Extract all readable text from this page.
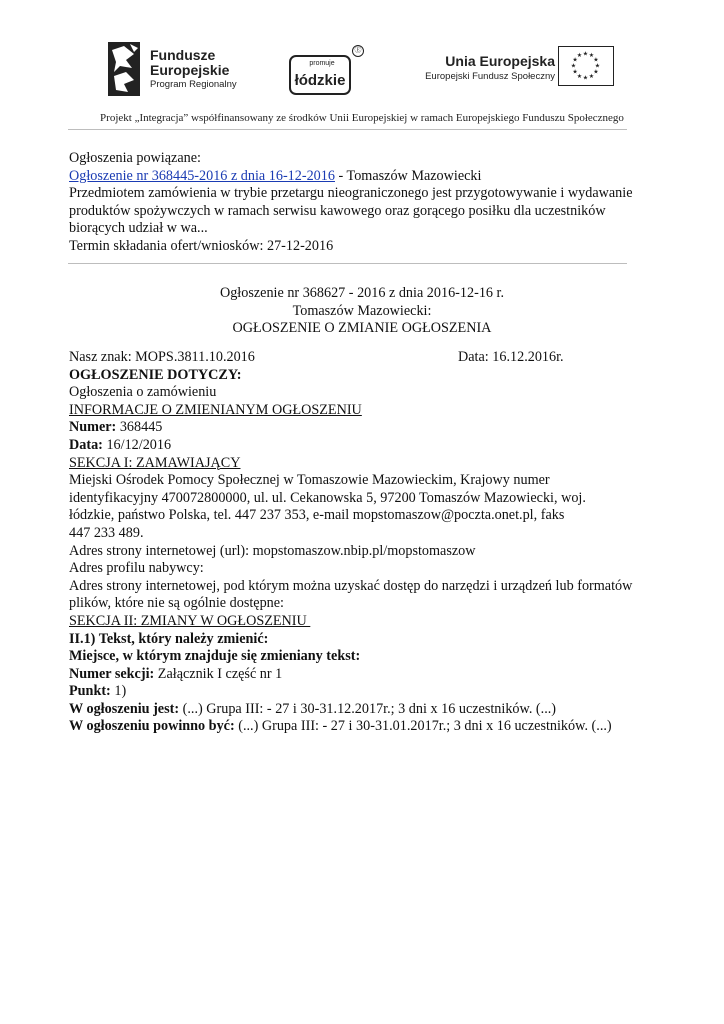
Fundusze
Europejskie
Program Regionalny
promuje
łódzkie
Ⓔ
Unia Europejska
Europejski Fundusz Społeczny
★
★
★
★
★
★
★
★
★ ★ ★
★
Projekt „Integracja” współfinansowany ze środków Unii Europejskiej w ramach Europejskiego Funduszu Społecznego
Ogłoszenia powiązane:
Ogłoszenie nr 368445-2016 z dnia 16-12-2016 - Tomaszów Mazowiecki
Przedmiotem zamówienia w trybie przetargu nieograniczonego jest przygotowywanie i wydawanie
produktów spożywczych w ramach serwisu kawowego oraz gorącego posiłku dla uczestników
biorących udział w wa...
Termin składania ofert/wniosków: 27-12-2016
Ogłoszenie nr 368627 - 2016 z dnia 2016-12-16 r.
Tomaszów Mazowiecki:
OGŁOSZENIE O ZMIANIE OGŁOSZENIA
Nasz znak: MOPS.3811.10.2016	Data: 16.12.2016r.
OGŁOSZENIE DOTYCZY:
Ogłoszenia o zamówieniu
INFORMACJE O ZMIENIANYM OGŁOSZENIU
Numer: 368445
Data: 16/12/2016
SEKCJA I: ZAMAWIAJĄCY
Miejski Ośrodek Pomocy Społecznej w Tomaszowie Mazowieckim, Krajowy numer
identyfikacyjny 470072800000, ul. ul. Cekanowska 5, 97200 Tomaszów Mazowiecki, woj.
łódzkie, państwo Polska, tel. 447 237 353, e-mail mopstomaszow@poczta.onet.pl, faks
447 233 489.
Adres strony internetowej (url): mopstomaszow.nbip.pl/mopstomaszow
Adres profilu nabywcy:
Adres strony internetowej, pod którym można uzyskać dostęp do narzędzi i urządzeń lub formatów
plików, które nie są ogólnie dostępne:
SEKCJA II: ZMIANY W OGŁOSZENIU
II.1) Tekst, który należy zmienić:
Miejsce, w którym znajduje się zmieniany tekst:
Numer sekcji: Załącznik I część nr 1
Punkt: 1)
W ogłoszeniu jest: (...) Grupa III: - 27 i 30-31.12.2017r.; 3 dni x 16 uczestników. (...)
W ogłoszeniu powinno być: (...) Grupa III: - 27 i 30-31.01.2017r.; 3 dni x 16 uczestników. (...)
